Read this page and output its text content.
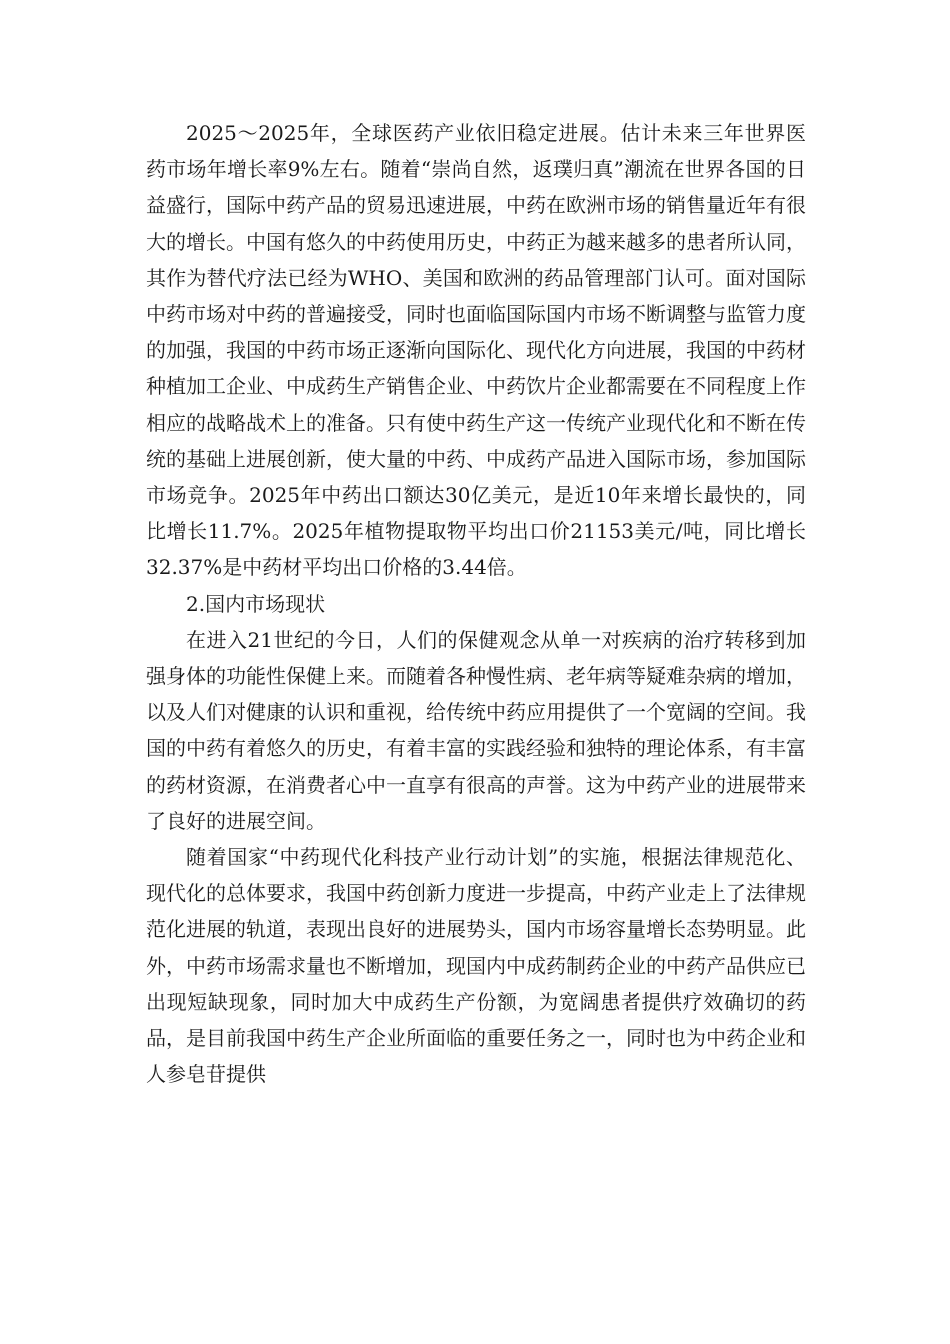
2025～2025年，全球医药产业依旧稳定进展。估计未来三年世界医药市场年增长率9%左右。随着“崇尚自然，返璞归真”潮流在世界各国的日益盛行，国际中药产品的贸易迅速进展，中药在欧洲市场的销售量近年有很大的增长。中国有悠久的中药使用历史，中药正为越来越多的患者所认同，其作为替代疗法已经为WHO、美国和欧洲的药品管理部门认可。面对国际中药市场对中药的普遍接受，同时也面临国际国内市场不断调整与监管力度的加强，我国的中药市场正逐渐向国际化、现代化方向进展，我国的中药材种植加工企业、中成药生产销售企业、中药饮片企业都需要在不同程度上作相应的战略战术上的准备。只有使中药生产这一传统产业现代化和不断在传统的基础上进展创新，使大量的中药、中成药产品进入国际市场，参加国际市场竞争。2025年中药出口额达30亿美元，是近10年来增长最快的，同比增长11.7%。2025年植物提取物平均出口价21153美元/吨，同比增长32.37%是中药材平均出口价格的3.44倍。

2.国内市场现状

在进入21世纪的今日，人们的保健观念从单一对疾病的治疗转移到加强身体的功能性保健上来。而随着各种慢性病、老年病等疑难杂病的增加，以及人们对健康的认识和重视，给传统中药应用提供了一个宽阔的空间。我国的中药有着悠久的历史，有着丰富的实践经验和独特的理论体系，有丰富的药材资源，在消费者心中一直享有很高的声誉。这为中药产业的进展带来了良好的进展空间。

随着国家“中药现代化科技产业行动计划”的实施，根据法律规范化、现代化的总体要求，我国中药创新力度进一步提高，中药产业走上了法律规范化进展的轨道，表现出良好的进展势头，国内市场容量增长态势明显。此外，中药市场需求量也不断增加，现国内中成药制药企业的中药产品供应已出现短缺现象，同时加大中成药生产份额，为宽阔患者提供疗效确切的药品，是目前我国中药生产企业所面临的重要任务之一，同时也为中药企业和人参皂苷提供
